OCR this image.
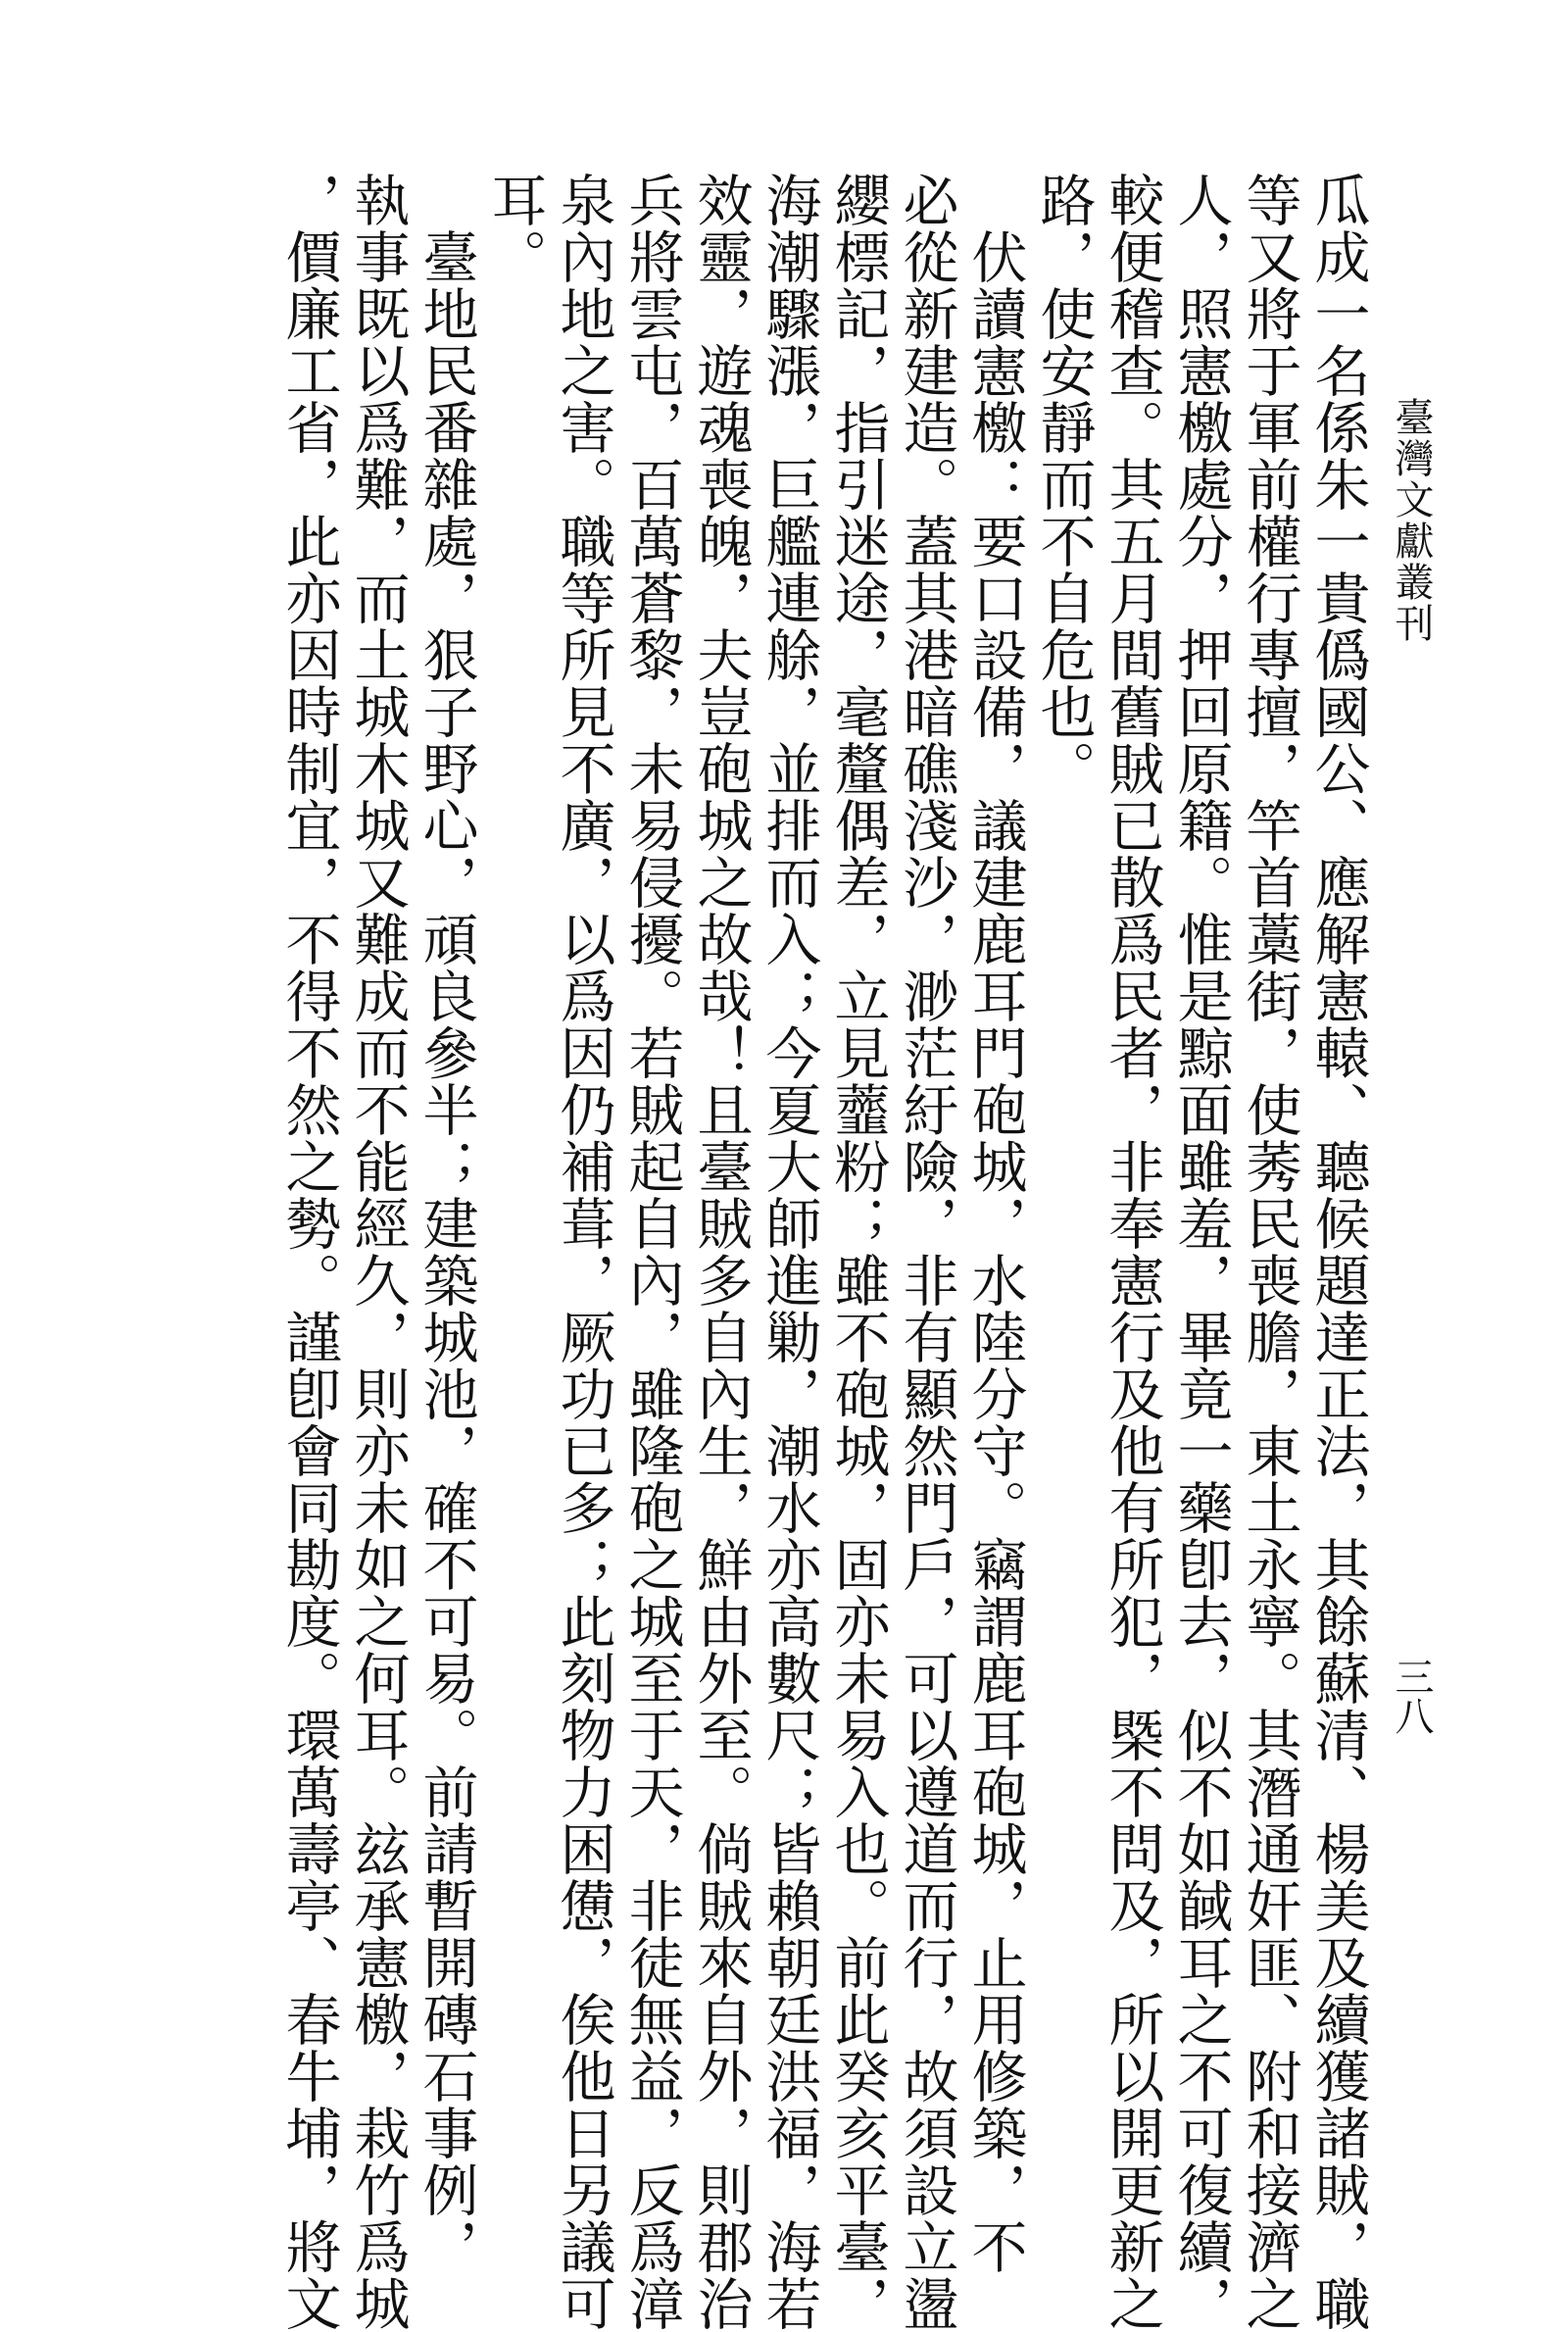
臺灣文獻叢刊
三八
瓜成一名係朱一貴僞國公、應解憲轅、聽候題達正法，其餘蘇清、楊美及續獲諸賊，職
等又將于軍前權行專擅，竿首藁街，使莠民喪膽，東土永寧。其潛通奸匪、附和接濟之
人，照憲檄處分，押回原籍。惟是黥面雖羞，畢竟一藥卽去，似不如馘耳之不可復續，
較便稽查。其五月間舊賊已散爲民者，非奉憲行及他有所犯，槩不問及，所以開更新之
路，使安靜而不自危也。
　伏讀憲檄：要口設備，議建鹿耳門砲城，水陸分守。竊謂鹿耳砲城，止用修築，不
必從新建造。蓋其港暗礁淺沙，渺茫紆險，非有顯然門戶，可以遵道而行，故須設立盪
纓標記，指引迷途，毫釐偶差，立見虀粉；雖不砲城，固亦未易入也。前此癸亥平臺，
海潮驟漲，巨艦連艅，並排而入；今夏大師進勦，潮水亦高數尺；皆賴朝廷洪福，海若
效靈，遊魂喪魄，夫豈砲城之故哉！且臺賊多自內生，鮮由外至。倘賊來自外，則郡治
兵將雲屯，百萬蒼黎，未易侵擾。若賊起自內，雖隆砲之城至于天，非徒無益，反爲漳
泉內地之害。職等所見不廣，以爲因仍補葺，厥功已多；此刻物力困憊，俟他日另議可
耳。
　臺地民番雜處，狠子野心，頑良參半；建築城池，確不可易。前請暫開磚石事例，
執事既以爲難，而土城木城又難成而不能經久，則亦未如之何耳。玆承憲檄，栽竹爲城
，價廉工省，此亦因時制宜，不得不然之勢。謹卽會同勘度。環萬壽亭、春牛埔，將文
